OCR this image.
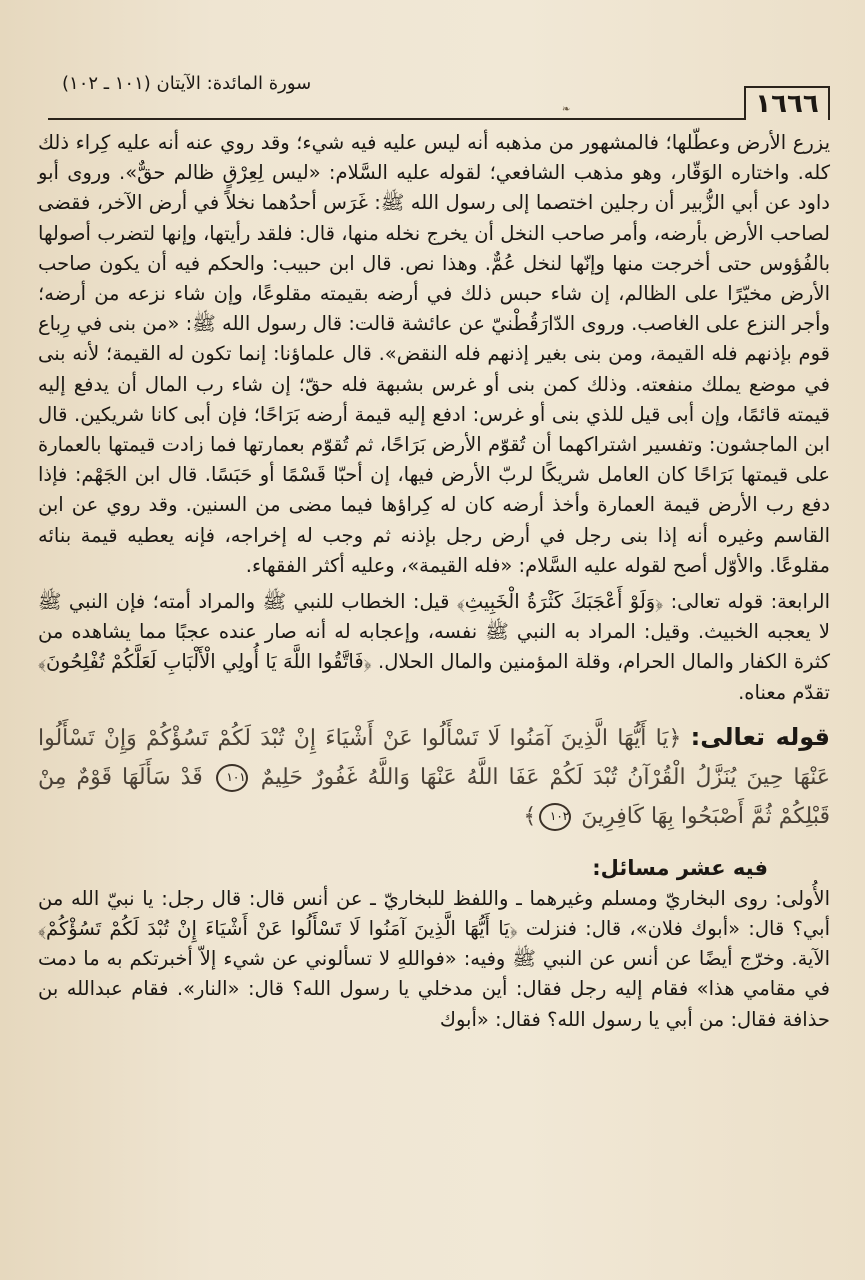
١٦٦٦
سورة المائدة: الآيتان (١٠١ ـ ١٠٢)
❧

يزرع الأرض وعطّلها؛ فالمشهور من مذهبه أنه ليس عليه فيه شيء؛ وقد روي عنه أنه عليه كِراء ذلك كله. واختاره الوَقّار، وهو مذهب الشافعي؛ لقوله عليه السَّلام: «ليس لِعِرْقٍ ظالم حقٌّ». وروى أبو داود عن أبي الزُّبير أن رجلين اختصما إلى رسول الله ﷺ: غَرَس أحدُهما نخلاً في أرض الآخر، فقضى لصاحب الأرض بأرضه، وأمر صاحب النخل أن يخرج نخله منها، قال: فلقد رأيتها، وإنها لتضرب أصولها بالفُؤوس حتى أخرجت منها وإنّها لنخل عُمٌّ. وهذا نص. قال ابن حبيب: والحكم فيه أن يكون صاحب الأرض مخيّرًا على الظالم، إن شاء حبس ذلك في أرضه بقيمته مقلوعًا، وإن شاء نزعه من أرضه؛ وأجر النزع على الغاصب. وروى الدّارَقُطْنيّ عن عائشة قالت: قال رسول الله ﷺ: «من بنى في رِباع قوم بإذنهم فله القيمة، ومن بنى بغير إذنهم فله النقض». قال علماؤنا: إنما تكون له القيمة؛ لأنه بنى في موضع يملك منفعته. وذلك كمن بنى أو غرس بشبهة فله حقّ؛ إن شاء رب المال أن يدفع إليه قيمته قائمًا، وإن أبى قيل للذي بنى أو غرس: ادفع إليه قيمة أرضه بَرَاحًا؛ فإن أبى كانا شريكين. قال ابن الماجشون: وتفسير اشتراكهما أن تُقوّم الأرض بَرَاحًا، ثم تُقوّم بعمارتها فما زادت قيمتها بالعمارة على قيمتها بَرَاحًا كان العامل شريكًا لربّ الأرض فيها، إن أحبّا قَسْمًا أو حَبَسًا. قال ابن الجَهْم: فإذا دفع رب الأرض قيمة العمارة وأخذ أرضه كان له كِراؤها فيما مضى من السنين. وقد روي عن ابن القاسم وغيره أنه إذا بنى رجل في أرض رجل بإذنه ثم وجب له إخراجه، فإنه يعطيه قيمة بنائه مقلوعًا. والأوّل أصح لقوله عليه السَّلام: «فله القيمة»، وعليه أكثر الفقهاء.

الرابعة: قوله تعالى: ﴿وَلَوْ أَعْجَبَكَ كَثْرَةُ الْخَبِيثِ﴾ قيل: الخطاب للنبي ﷺ والمراد أمته؛ فإن النبي ﷺ لا يعجبه الخبيث. وقيل: المراد به النبي ﷺ نفسه، وإعجابه له أنه صار عنده عجبًا مما يشاهده من كثرة الكفار والمال الحرام، وقلة المؤمنين والمال الحلال. ﴿فَاتَّقُوا اللَّهَ يَا أُولِي الْأَلْبَابِ لَعَلَّكُمْ تُفْلِحُونَ﴾ تقدّم معناه.

قوله تعالى: ﴿يَا أَيُّهَا الَّذِينَ آمَنُوا لَا تَسْأَلُوا عَنْ أَشْيَاءَ إِنْ تُبْدَ لَكُمْ تَسُؤْكُمْ وَإِنْ تَسْأَلُوا عَنْهَا حِينَ يُنَزَّلُ الْقُرْآنُ تُبْدَ لَكُمْ عَفَا اللَّهُ عَنْهَا وَاللَّهُ غَفُورٌ حَلِيمٌ ١٠١ قَدْ سَأَلَهَا قَوْمٌ مِنْ قَبْلِكُمْ ثُمَّ أَصْبَحُوا بِهَا كَافِرِينَ ١٠٢﴾
فيه عشر مسائل:

الأُولى: روى البخاريّ ومسلم وغيرهما ـ واللفظ للبخاريّ ـ عن أنس قال: قال رجل: يا نبيّ الله من أبي؟ قال: «أبوك فلان»، قال: فنزلت ﴿يَا أَيُّهَا الَّذِينَ آمَنُوا لَا تَسْأَلُوا عَنْ أَشْيَاءَ إِنْ تُبْدَ لَكُمْ تَسُؤْكُمْ﴾ الآية. وخرّج أيضًا عن أنس عن النبي ﷺ وفيه: «فواللهِ لا تسألوني عن شيء إلاّ أخبرتكم به ما دمت في مقامي هذا» فقام إليه رجل فقال: أين مدخلي يا رسول الله؟ قال: «النار». فقام عبدالله بن حذافة فقال: من أبي يا رسول الله؟ فقال: «أبوك
